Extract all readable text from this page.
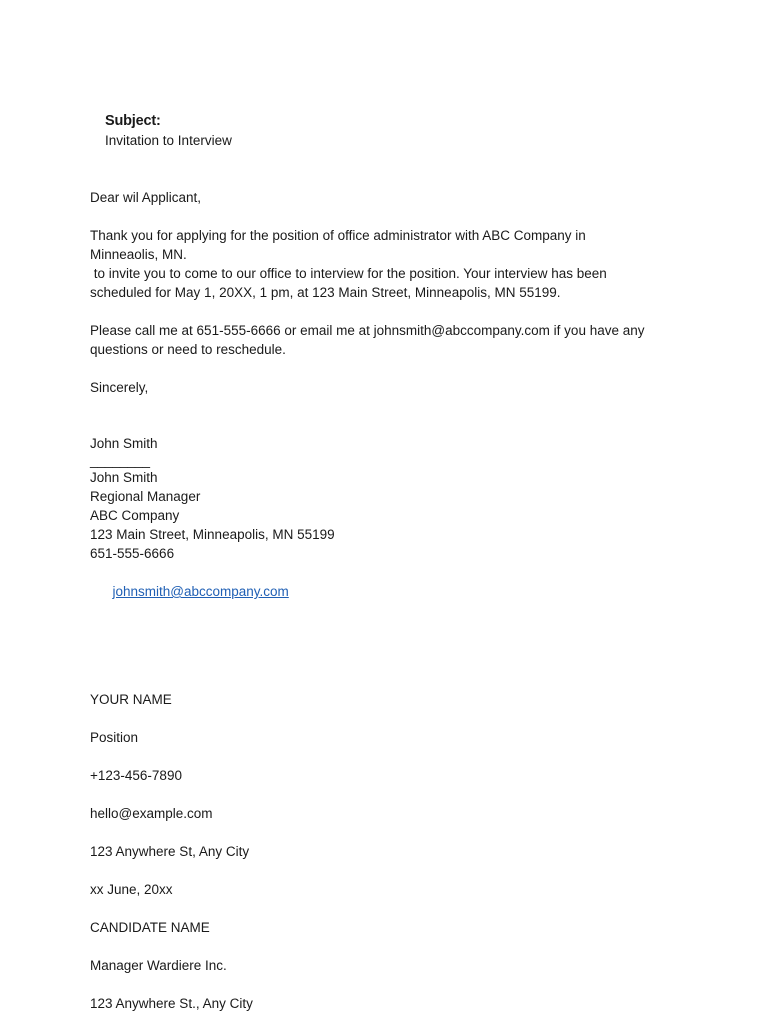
Subject:
Invitation to Interview

Dear wil Applicant,

Thank you for applying for the position of office administrator with ABC Company in

Minneaolis, MN.

to invite you to come to our office to interview for the position. Your interview has been

scheduled for May 1, 20XX, 1 pm, at 123 Main Street, Minneapolis, MN 55199.

Please call me at 651-555-6666 or email me at johnsmith@abccompany.com if you have any

questions or need to reschedule.

Sincerely,

John Smith

________

John Smith

Regional Manager

ABC Company

123 Main Street, Minneapolis, MN 55199

651-555-6666

johnsmith@abccompany.com

YOUR NAME

Position

+123-456-7890

hello@example.com

123 Anywhere St, Any City

xx June, 20xx

CANDIDATE NAME

Manager Wardiere Inc.

123 Anywhere St., Any City
